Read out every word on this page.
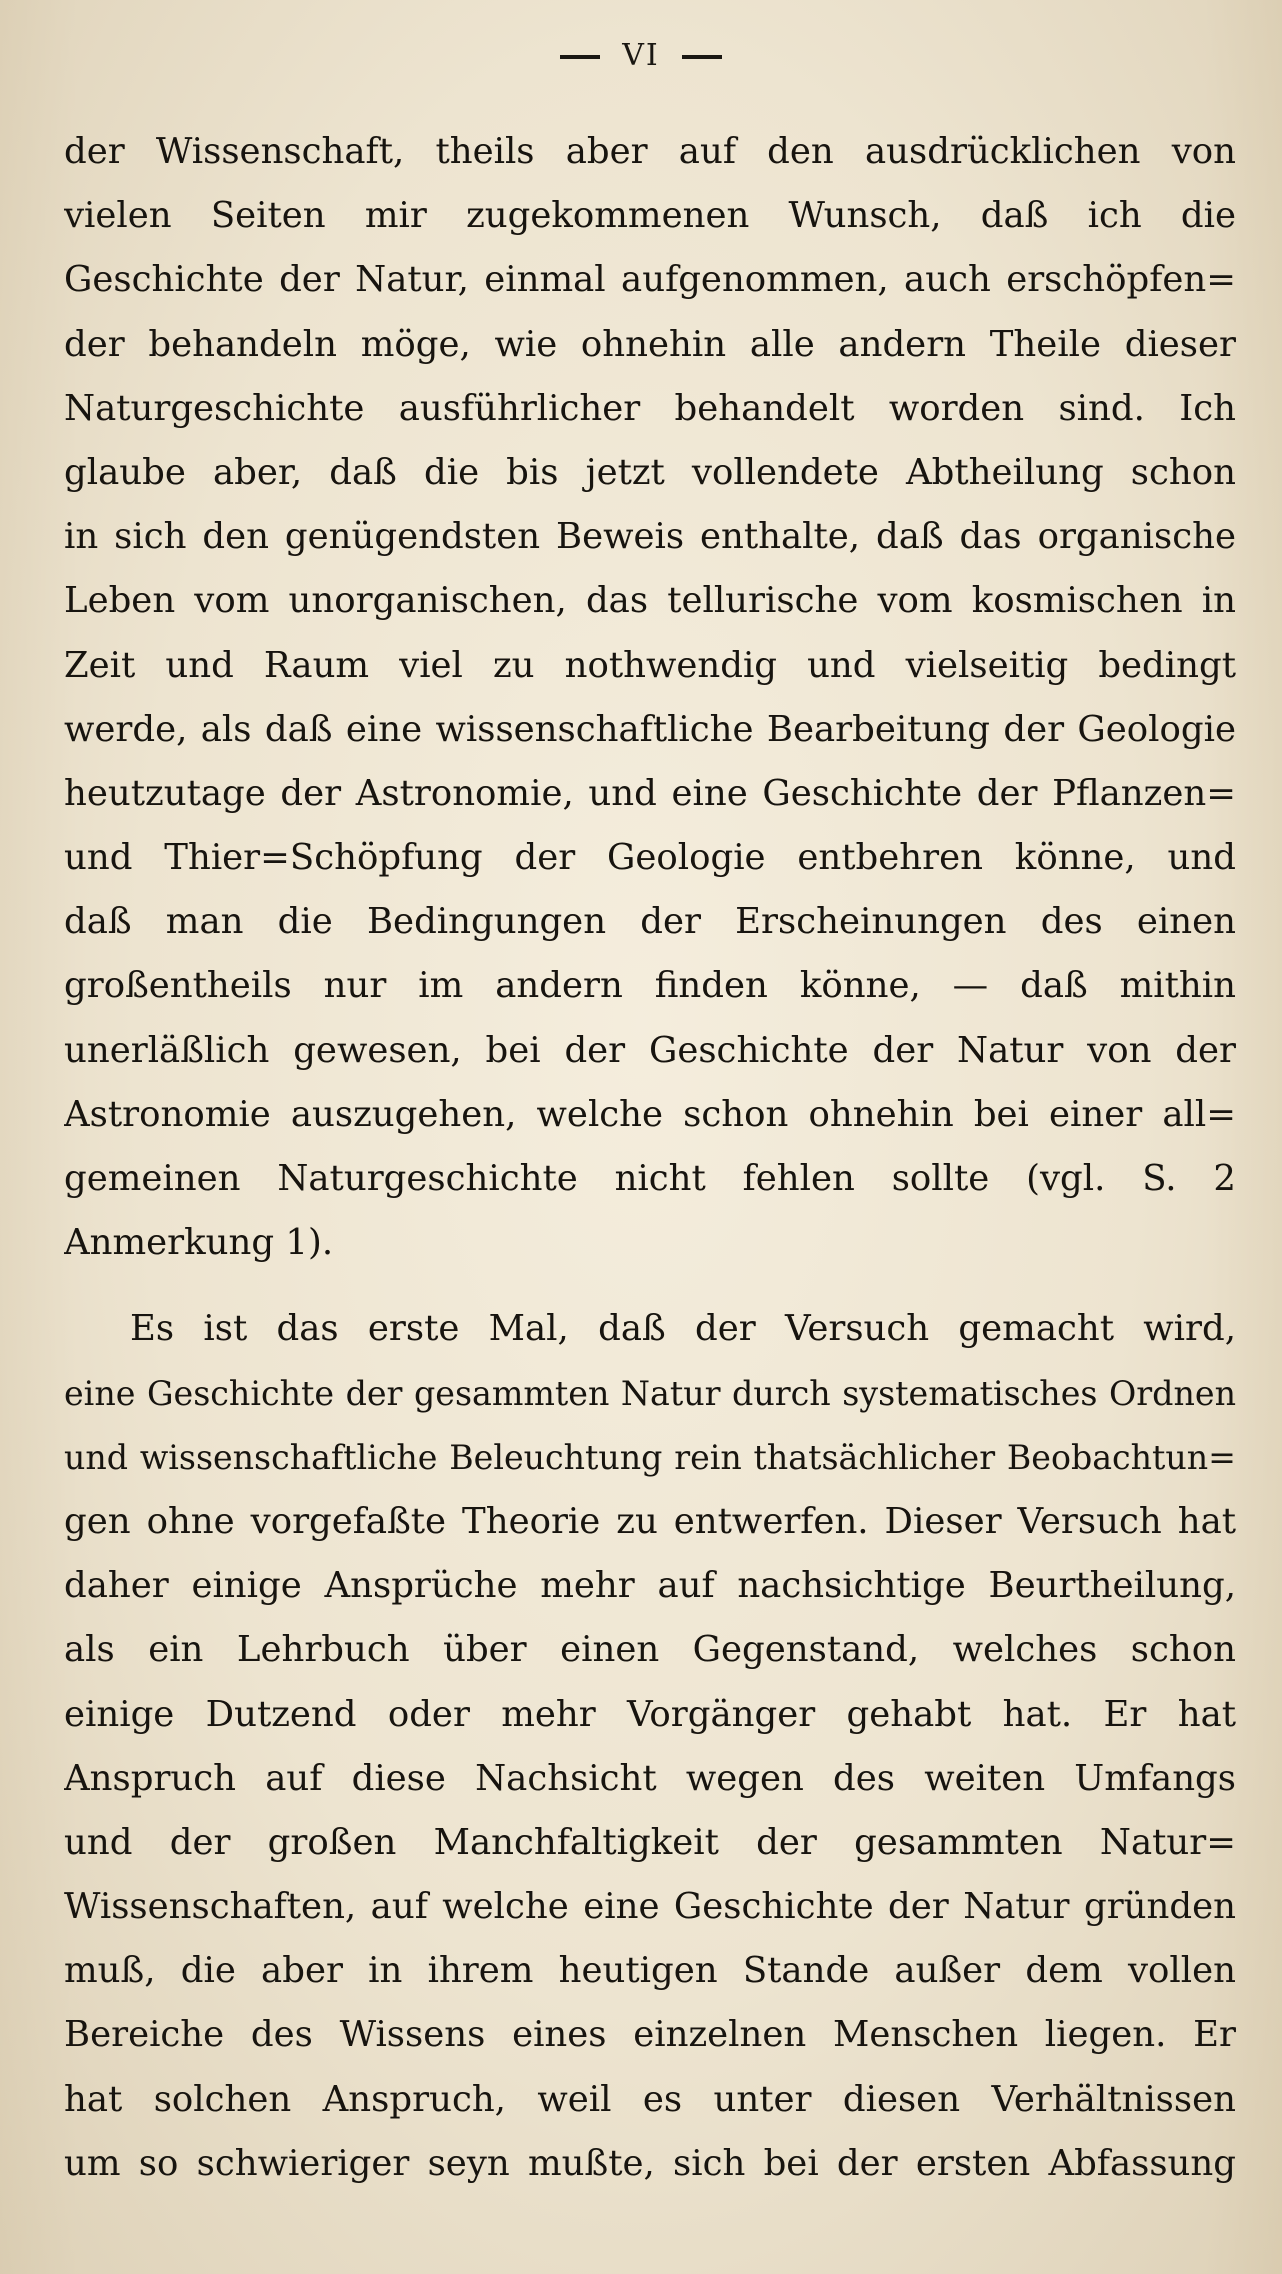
VI
der Wissenschaft, theils aber auf den ausdrücklichen von
vielen Seiten mir zugekommenen Wunsch, daß ich die
Geschichte der Natur, einmal aufgenommen, auch erschöpfen=
der behandeln möge, wie ohnehin alle andern Theile dieser
Naturgeschichte ausführlicher behandelt worden sind. Ich
glaube aber, daß die bis jetzt vollendete Abtheilung schon
in sich den genügendsten Beweis enthalte, daß das organische
Leben vom unorganischen, das tellurische vom kosmischen in
Zeit und Raum viel zu nothwendig und vielseitig bedingt
werde, als daß eine wissenschaftliche Bearbeitung der Geologie
heutzutage der Astronomie, und eine Geschichte der Pflanzen=
und Thier=Schöpfung der Geologie entbehren könne, und
daß man die Bedingungen der Erscheinungen des einen
großentheils nur im andern finden könne, — daß mithin
unerläßlich gewesen, bei der Geschichte der Natur von der
Astronomie auszugehen, welche schon ohnehin bei einer all=
gemeinen Naturgeschichte nicht fehlen sollte (vgl. S. 2
Anmerkung 1).
Es ist das erste Mal, daß der Versuch gemacht wird,
eine Geschichte der gesammten Natur durch systematisches Ordnen
und wissenschaftliche Beleuchtung rein thatsächlicher Beobachtun=
gen ohne vorgefaßte Theorie zu entwerfen. Dieser Versuch hat
daher einige Ansprüche mehr auf nachsichtige Beurtheilung,
als ein Lehrbuch über einen Gegenstand, welches schon
einige Dutzend oder mehr Vorgänger gehabt hat. Er hat
Anspruch auf diese Nachsicht wegen des weiten Umfangs
und der großen Manchfaltigkeit der gesammten Natur=
Wissenschaften, auf welche eine Geschichte der Natur gründen
muß, die aber in ihrem heutigen Stande außer dem vollen
Bereiche des Wissens eines einzelnen Menschen liegen. Er
hat solchen Anspruch, weil es unter diesen Verhältnissen
um so schwieriger seyn mußte, sich bei der ersten Abfassung
